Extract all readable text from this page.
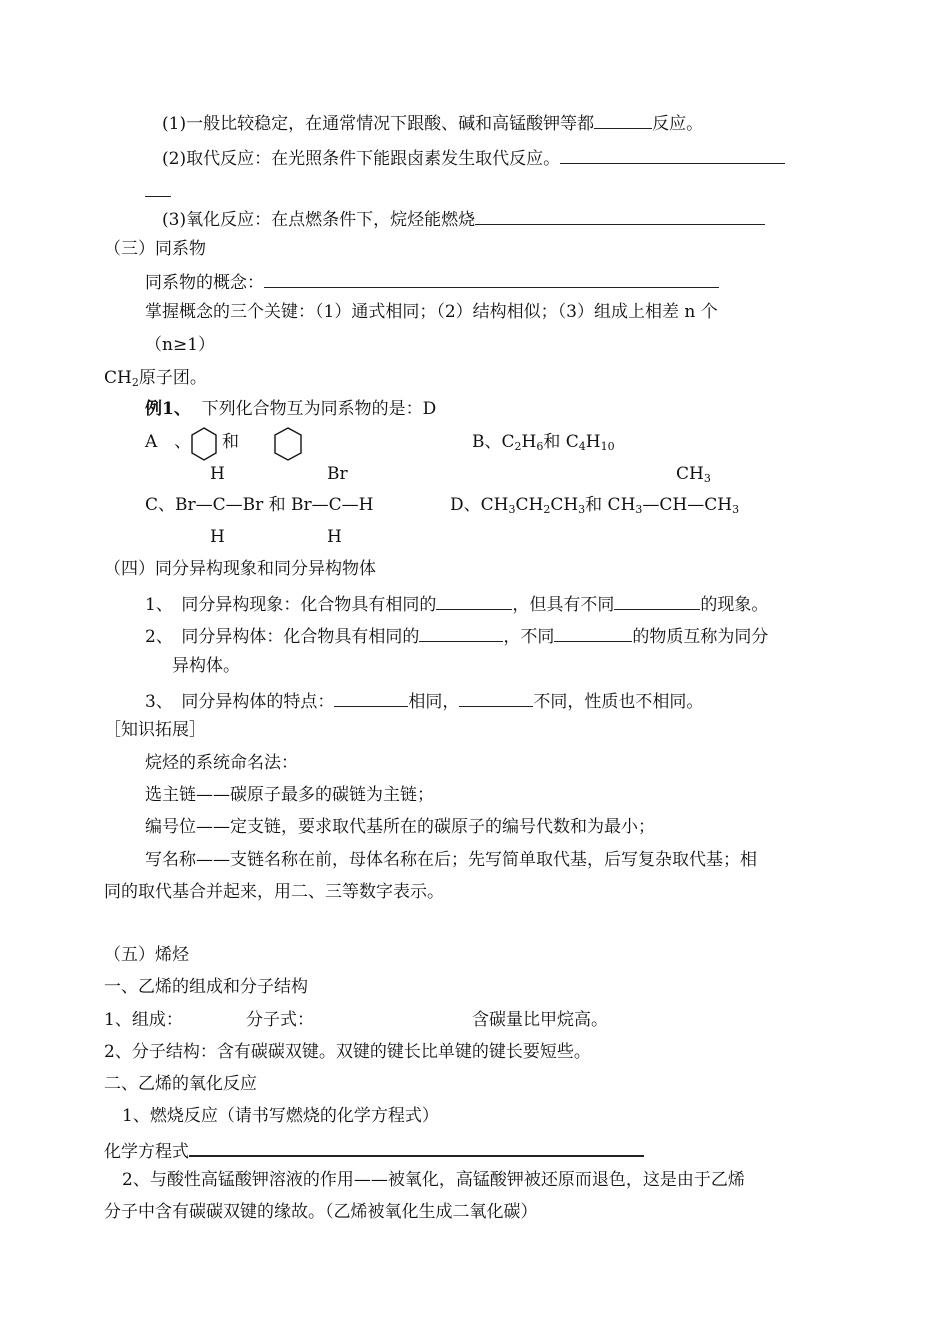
(1)一般比较稳定，在通常情况下跟酸、碱和高锰酸钾等都	反应。
(2)取代反应：在光照条件下能跟卤素发生取代反应。
(3)氧化反应：在点燃条件下，烷烃能燃烧
（三）同系物
同系物的概念：
掌握概念的三个关键：（1）通式相同；（2）结构相似；（3）组成上相差 n 个
（n≥1）
$CH_2$原子团。
例1、 下列化合物互为同系物的是：D
A　、 和	B、$C_2H_6$和 $C_4H_{10}$
H	Br	$CH_3$
C、Br—C—Br 和 Br—C—H	D、$CH_3CH_2CH_3$和 $CH_3—CH—CH_3$
H	H
（四）同分异构现象和同分异构物体
1、　同分异构现象：化合物具有相同的	，但具有不同	的现象。
2、　同分异构体：化合物具有相同的	，不同	的物质互称为同分
异构体。
3、　同分异构体的特点：	相同，	不同，性质也不相同。
［知识拓展］
烷烃的系统命名法：
选主链——碳原子最多的碳链为主链；
编号位——定支链，要求取代基所在的碳原子的编号代数和为最小；
写名称——支链名称在前，母体名称在后；先写简单取代基，后写复杂取代基；相
同的取代基合并起来，用二、三等数字表示。
（五）烯烃
一、乙烯的组成和分子结构
1、组成：	分子式：	含碳量比甲烷高。
2、分子结构：含有碳碳双键。双键的键长比单键的键长要短些。
二、乙烯的氧化反应
1、燃烧反应（请书写燃烧的化学方程式）
化学方程式
2、与酸性高锰酸钾溶液的作用——被氧化，高锰酸钾被还原而退色，这是由于乙烯
分子中含有碳碳双键的缘故。（乙烯被氧化生成二氧化碳）
